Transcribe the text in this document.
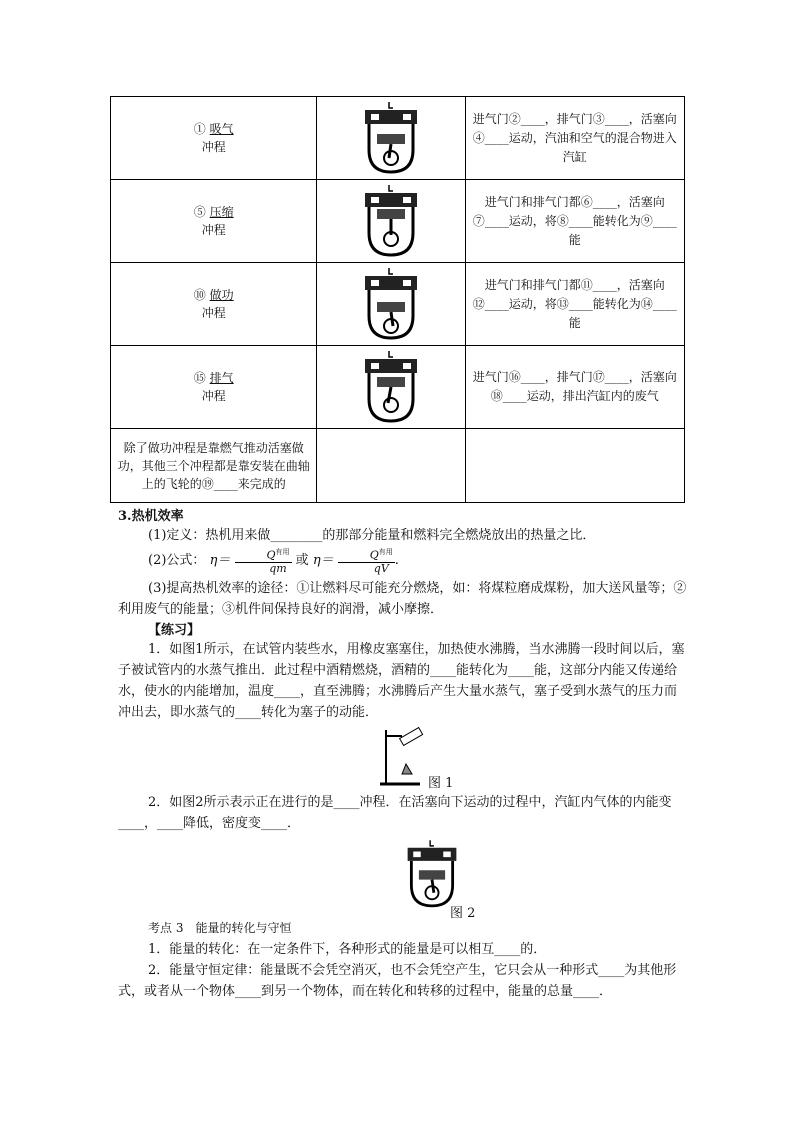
① 吸气
冲程		进气门②____，排气门③____，活塞向④____运动，汽油和空气的混合物进入汽缸
⑤ 压缩
冲程		进气门和排气门都⑥____，活塞向⑦____运动，将⑧____能转化为⑨____能
⑩ 做功
冲程		进气门和排气门都⑪____，活塞向⑫____运动，将⑬____能转化为⑭____能
⑮ 排气
冲程		进气门⑯____，排气门⑰____，活塞向⑱____运动，排出汽缸内的废气
除了做功冲程是靠燃气推动活塞做功，其他三个冲程都是靠安装在曲轴上的飞轮的⑲____来完成的		
3.热机效率
(1)定义：热机用来做________的那部分能量和燃料完全燃烧放出的热量之比．
(2)公式： $\eta= \frac{Q^{有用}}{qm}$ 或 $\eta= \frac{Q^{有用}}{qV}$ .
(3)提高热机效率的途径：①让燃料尽可能充分燃烧，如：将煤粒磨成煤粉，加大送风量等；②利用废气的能量；③机件间保持良好的润滑，减小摩擦．
【练习】
1．如图1所示，在试管内装些水，用橡皮塞塞住，加热使水沸腾，当水沸腾一段时间以后，塞子被试管内的水蒸气推出．此过程中酒精燃烧，酒精的____能转化为____能，这部分内能又传递给水，使水的内能增加，温度____，直至沸腾；水沸腾后产生大量水蒸气，塞子受到水蒸气的压力而冲出去，即水蒸气的____转化为塞子的动能．
图 1
2．如图2所示表示正在进行的是____冲程．在活塞向下运动的过程中，汽缸内气体的内能变____，____降低，密度变____．
图 2
考点 3　能量的转化与守恒
1．能量的转化：在一定条件下，各种形式的能量是可以相互____的．
2．能量守恒定律：能量既不会凭空消灭，也不会凭空产生，它只会从一种形式____为其他形式，或者从一个物体____到另一个物体，而在转化和转移的过程中，能量的总量____．
